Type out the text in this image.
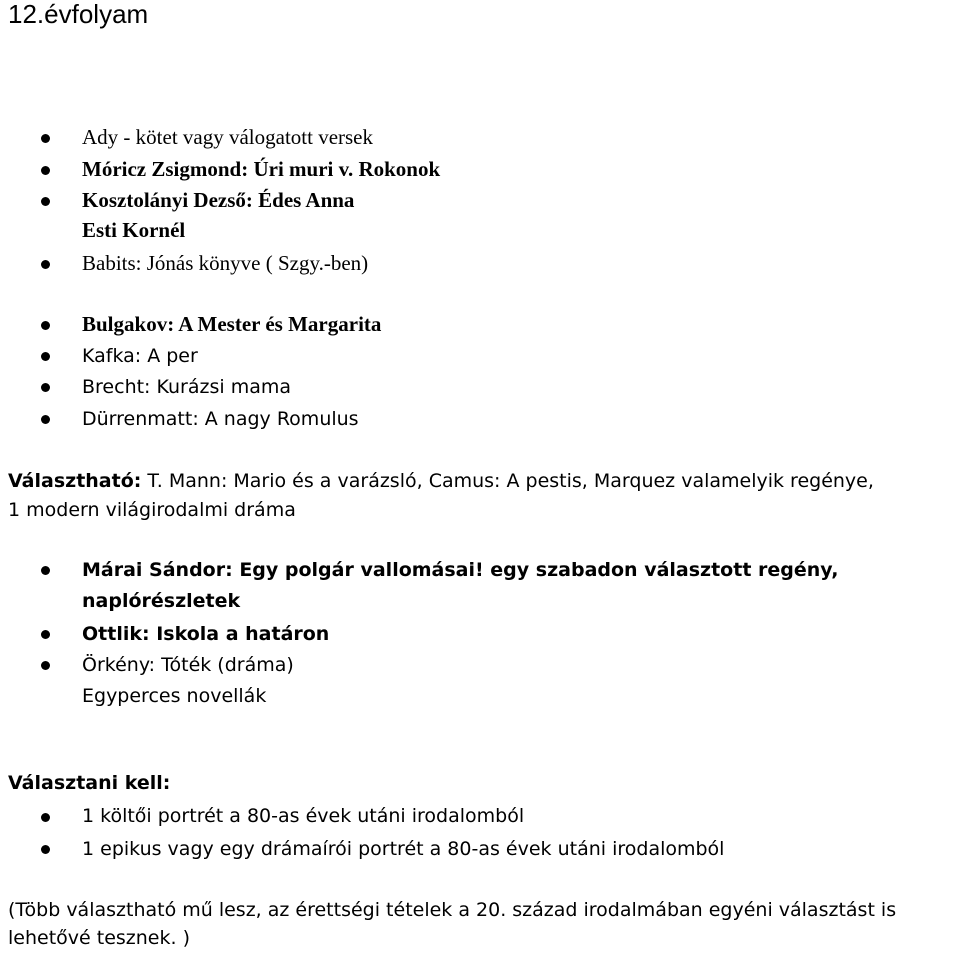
12.évfolyam
Ady - kötet vagy válogatott versek
Móricz Zsigmond: Úri muri v. Rokonok
Kosztolányi Dezső: Édes Anna
Esti Kornél
Babits: Jónás könyve ( Szgy.-ben)
Bulgakov: A Mester és Margarita
Kafka: A per
Brecht: Kurázsi mama
Dürrenmatt: A nagy Romulus
Választható: T. Mann: Mario és a varázsló, Camus: A pestis, Marquez valamelyik regénye,
1 modern világirodalmi dráma
Márai Sándor: Egy polgár vallomásai! egy szabadon választott regény,
naplórészletek
Ottlik: Iskola a határon
Örkény: Tóték (dráma)
Egyperces novellák
Választani kell:
1 költői portrét a 80-as évek utáni irodalomból
1 epikus vagy egy drámaírói portrét a 80-as évek utáni irodalomból
(Több választható mű lesz, az érettségi tételek a 20. század irodalmában egyéni választást is
lehetővé tesznek. )
